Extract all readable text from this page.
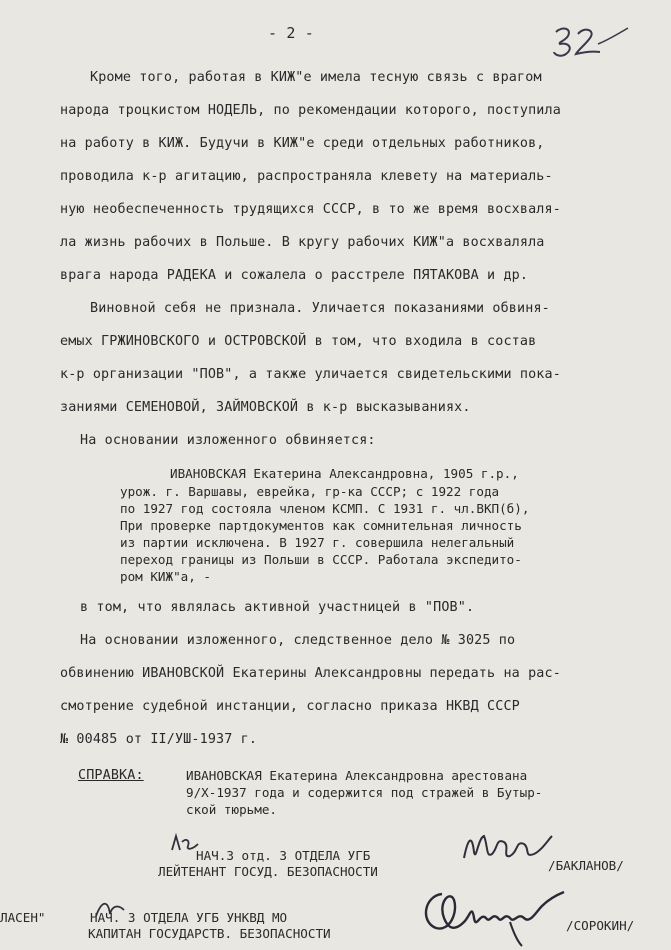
- 2 -
Кроме того, работая в КИЖ"е имела тесную связь с врагом
народа троцкистом НОДЕЛЬ, по рекомендации которого, поступила
на работу в КИЖ. Будучи в КИЖ"е среди отдельных работников,
проводила к-р агитацию, распространяла клевету на материаль-
ную необеспеченность трудящихся СССР, в то же время восхваля-
ла жизнь рабочих в Польше. В кругу рабочих КИЖ"а восхваляла
врага народа РАДЕКА и сожалела о расстреле ПЯТАКОВА и др.
Виновной себя не признала. Уличается показаниями обвиня-
емых ГРЖИНОВСКОГО и ОСТРОВСКОЙ в том, что входила в состав
к-р организации "ПОВ", а также уличается свидетельскими пока-
заниями СЕМЕНОВОЙ, ЗАЙМОВСКОЙ в к-р высказываниях.
На основании изложенного обвиняется:
ИВАНОВСКАЯ Екатерина Александровна, 1905 г.р.,
урож. г. Варшавы, еврейка, гр-ка СССР; с 1922 года
по 1927 год состояла членом КСМП. С 1931 г. чл.ВКП(б),
При проверке партдокументов как сомнительная личность
из партии исключена. В 1927 г. совершила нелегальный
переход границы из Польши в СССР. Работала экспедито-
ром КИЖ"а, -
в том, что являлась активной участницей в "ПОВ".
На основании изложенного, следственное дело № 3025 по
обвинению ИВАНОВСКОЙ Екатерины Александровны передать на рас-
смотрение судебной инстанции, согласно приказа НКВД СССР
№ 00485 от II/УШ-1937 г.
СПРАВКА:	ИВАНОВСКАЯ Екатерина Александровна арестована
9/Х-1937 года и содержится под стражей в Бутыр-
ской тюрьме.
НАЧ.3 отд. 3 ОТДЕЛА УГБ
ЛЕЙТЕНАНТ ГОСУД. БЕЗОПАСНОСТИ	/БАКЛАНОВ/
ЛАСЕН"	НАЧ. 3 ОТДЕЛА УГБ УНКВД МО
КАПИТАН ГОСУДАРСТВ. БЕЗОПАСНОСТИ
/СОРОКИН/
